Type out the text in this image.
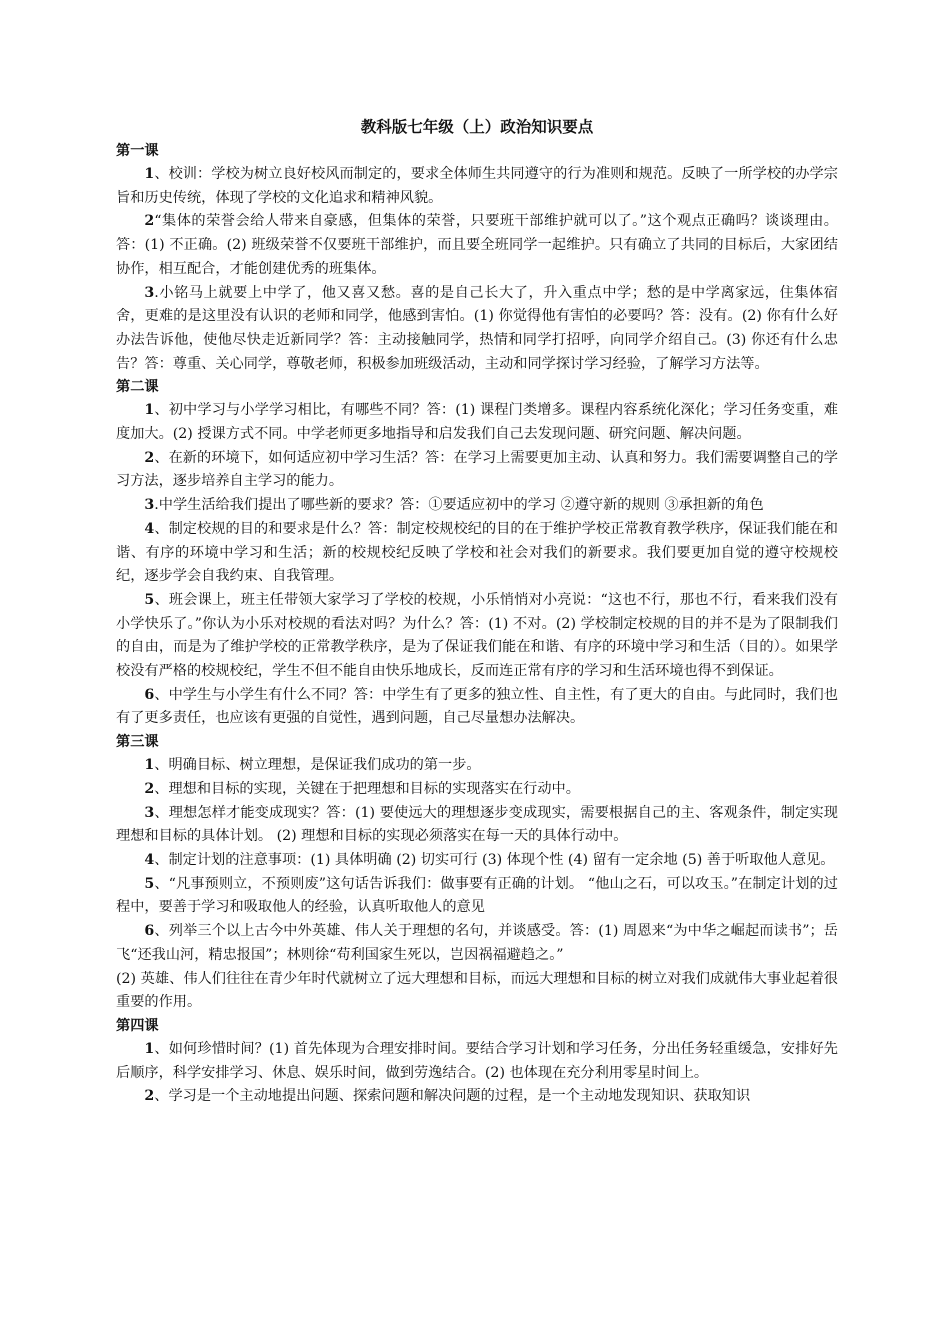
教科版七年级（上）政治知识要点
第一课

1、校训：学校为树立良好校风而制定的，要求全体师生共同遵守的行为准则和规范。反映了一所学校的办学宗旨和历史传统，体现了学校的文化追求和精神风貌。

2“集体的荣誉会给人带来自豪感，但集体的荣誉，只要班干部维护就可以了。”这个观点正确吗？谈谈理由。答：(1) 不正确。(2) 班级荣誉不仅要班干部维护，而且要全班同学一起维护。只有确立了共同的目标后，大家团结协作，相互配合，才能创建优秀的班集体。

3.小铭马上就要上中学了，他又喜又愁。喜的是自己长大了，升入重点中学；愁的是中学离家远，住集体宿舍，更难的是这里没有认识的老师和同学，他感到害怕。(1) 你觉得他有害怕的必要吗？答：没有。(2) 你有什么好办法告诉他，使他尽快走近新同学？答：主动接触同学，热情和同学打招呼，向同学介绍自己。(3) 你还有什么忠告？答：尊重、关心同学，尊敬老师，积极参加班级活动，主动和同学探讨学习经验，了解学习方法等。

第二课

1、初中学习与小学学习相比，有哪些不同？答：(1) 课程门类增多。课程内容系统化深化；学习任务变重，难度加大。(2) 授课方式不同。中学老师更多地指导和启发我们自己去发现问题、研究问题、解决问题。

2、在新的环境下，如何适应初中学习生活？答：在学习上需要更加主动、认真和努力。我们需要调整自己的学习方法，逐步培养自主学习的能力。

3.中学生活给我们提出了哪些新的要求？答：①要适应初中的学习 ②遵守新的规则 ③承担新的角色

4、制定校规的目的和要求是什么？答：制定校规校纪的目的在于维护学校正常教育教学秩序，保证我们能在和谐、有序的环境中学习和生活；新的校规校纪反映了学校和社会对我们的新要求。我们要更加自觉的遵守校规校纪，逐步学会自我约束、自我管理。

5、班会课上，班主任带领大家学习了学校的校规，小乐悄悄对小亮说：“这也不行，那也不行，看来我们没有小学快乐了。”你认为小乐对校规的看法对吗？为什么？答：(1) 不对。(2) 学校制定校规的目的并不是为了限制我们的自由，而是为了维护学校的正常教学秩序，是为了保证我们能在和谐、有序的环境中学习和生活（目的）。如果学校没有严格的校规校纪，学生不但不能自由快乐地成长，反而连正常有序的学习和生活环境也得不到保证。

6、中学生与小学生有什么不同？答：中学生有了更多的独立性、自主性，有了更大的自由。与此同时，我们也有了更多责任，也应该有更强的自觉性，遇到问题，自己尽量想办法解决。

第三课

1、明确目标、树立理想，是保证我们成功的第一步。

2、理想和目标的实现，关键在于把理想和目标的实现落实在行动中。

3、理想怎样才能变成现实？答：(1) 要使远大的理想逐步变成现实，需要根据自己的主、客观条件，制定实现理想和目标的具体计划。 (2) 理想和目标的实现必须落实在每一天的具体行动中。

4、制定计划的注意事项：(1) 具体明确 (2) 切实可行 (3) 体现个性 (4) 留有一定余地 (5) 善于听取他人意见。

5、“凡事预则立，不预则废”这句话告诉我们：做事要有正确的计划。 “他山之石，可以攻玉。”在制定计划的过程中，要善于学习和吸取他人的经验，认真听取他人的意见

6、列举三个以上古今中外英雄、伟人关于理想的名句，并谈感受。答：(1) 周恩来“为中华之崛起而读书”；岳飞“还我山河，精忠报国”；林则徐“苟利国家生死以，岂因祸福避趋之。”

(2) 英雄、伟人们往往在青少年时代就树立了远大理想和目标，而远大理想和目标的树立对我们成就伟大事业起着很重要的作用。

第四课

1、如何珍惜时间？(1) 首先体现为合理安排时间。要结合学习计划和学习任务，分出任务轻重缓急，安排好先后顺序，科学安排学习、休息、娱乐时间，做到劳逸结合。(2) 也体现在充分利用零星时间上。

2、学习是一个主动地提出问题、探索问题和解决问题的过程，是一个主动地发现知识、获取知识
